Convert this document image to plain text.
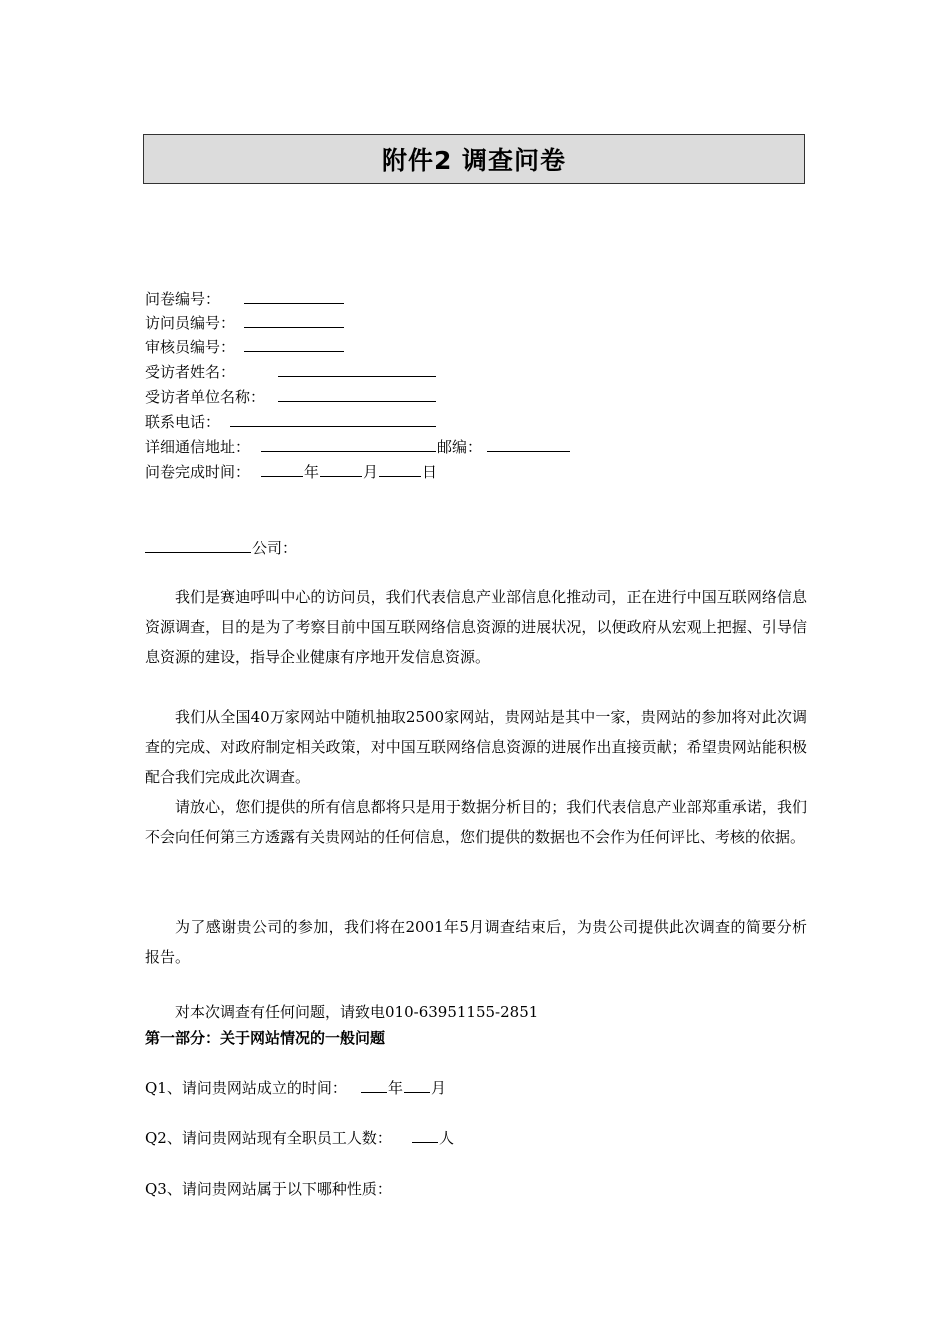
附件2 调查问卷
问卷编号：
访问员编号：
审核员编号：
受访者姓名：
受访者单位名称：
联系电话：
详细通信地址：	邮编：
问卷完成时间：	年	月	日
公司：
我们是赛迪呼叫中心的访问员，我们代表信息产业部信息化推动司，正在进行中国互联网络信息资源调查，目的是为了考察目前中国互联网络信息资源的进展状况，以便政府从宏观上把握、引导信息资源的建设，指导企业健康有序地开发信息资源。
我们从全国40万家网站中随机抽取2500家网站，贵网站是其中一家，贵网站的参加将对此次调查的完成、对政府制定相关政策，对中国互联网络信息资源的进展作出直接贡献；希望贵网站能积极配合我们完成此次调查。
请放心，您们提供的所有信息都将只是用于数据分析目的；我们代表信息产业部郑重承诺，我们不会向任何第三方透露有关贵网站的任何信息，您们提供的数据也不会作为任何评比、考核的依据。
为了感谢贵公司的参加，我们将在2001年5月调查结束后，为贵公司提供此次调查的简要分析报告。
对本次调查有任何问题，请致电010-63951155-2851
第一部分：关于网站情况的一般问题
Q1、请问贵网站成立的时间：	年 月
Q2、请问贵网站现有全职员工人数：	人
Q3、请问贵网站属于以下哪种性质：
